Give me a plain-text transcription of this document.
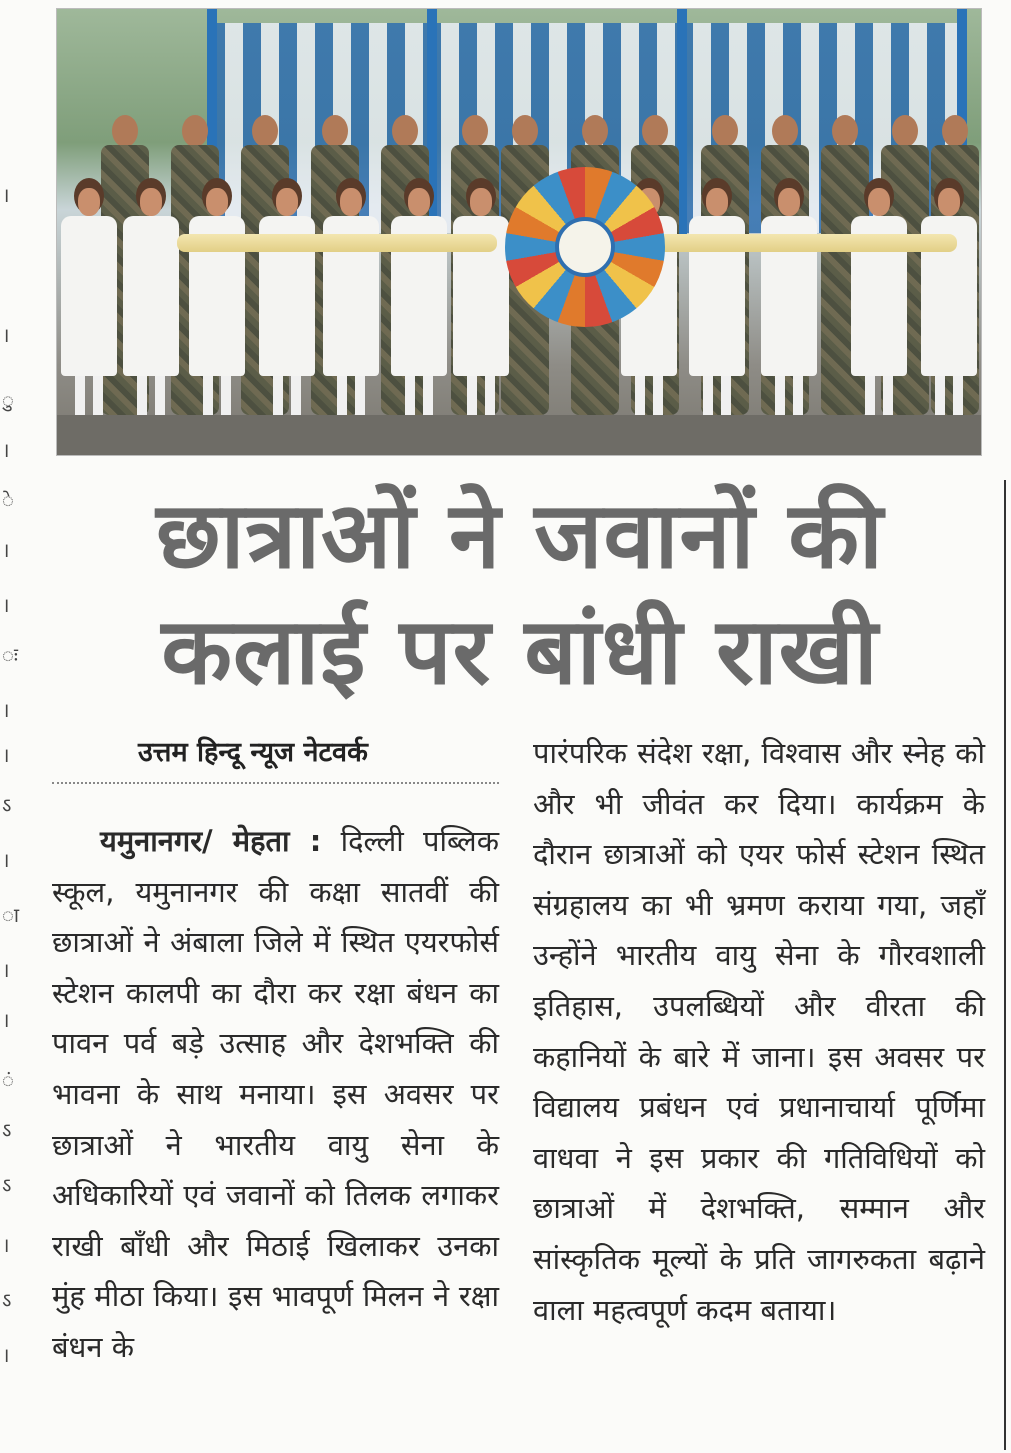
।
।
ु
।
े
।
।
ः
।
।
ऽ
।
ा
।
।
ं
ऽ
ऽ
।
ऽ
।
छात्राओं ने जवानों की
कलाई पर बांधी राखी
उत्तम हिन्दू न्यूज नेटवर्क
यमुनानगर/ मेहता : दिल्ली पब्लिक स्कूल, यमुनानगर की कक्षा सातवीं की छात्राओं ने अंबाला जिले में स्थित एयरफोर्स स्टेशन कालपी का दौरा कर रक्षा बंधन का पावन पर्व बड़े उत्साह और देशभक्ति की भावना के साथ मनाया। इस अवसर पर छात्राओं ने भारतीय वायु सेना के अधिकारियों एवं जवानों को तिलक लगाकर राखी बाँधी और मिठाई खिलाकर उनका मुंह मीठा किया। इस भावपूर्ण मिलन ने रक्षा बंधन के
पारंपरिक संदेश रक्षा, विश्वास और स्नेह को और भी जीवंत कर दिया। कार्यक्रम के दौरान छात्राओं को एयर फोर्स स्टेशन स्थित संग्रहालय का भी भ्रमण कराया गया, जहाँ उन्होंने भारतीय वायु सेना के गौरवशाली इतिहास, उपलब्धियों और वीरता की कहानियों के बारे में जाना। इस अवसर पर विद्यालय प्रबंधन एवं प्रधानाचार्या पूर्णिमा वाधवा ने इस प्रकार की गतिविधियों को छात्राओं में देशभक्ति, सम्मान और सांस्कृतिक मूल्यों के प्रति जागरुकता बढ़ाने वाला महत्वपूर्ण कदम बताया।
